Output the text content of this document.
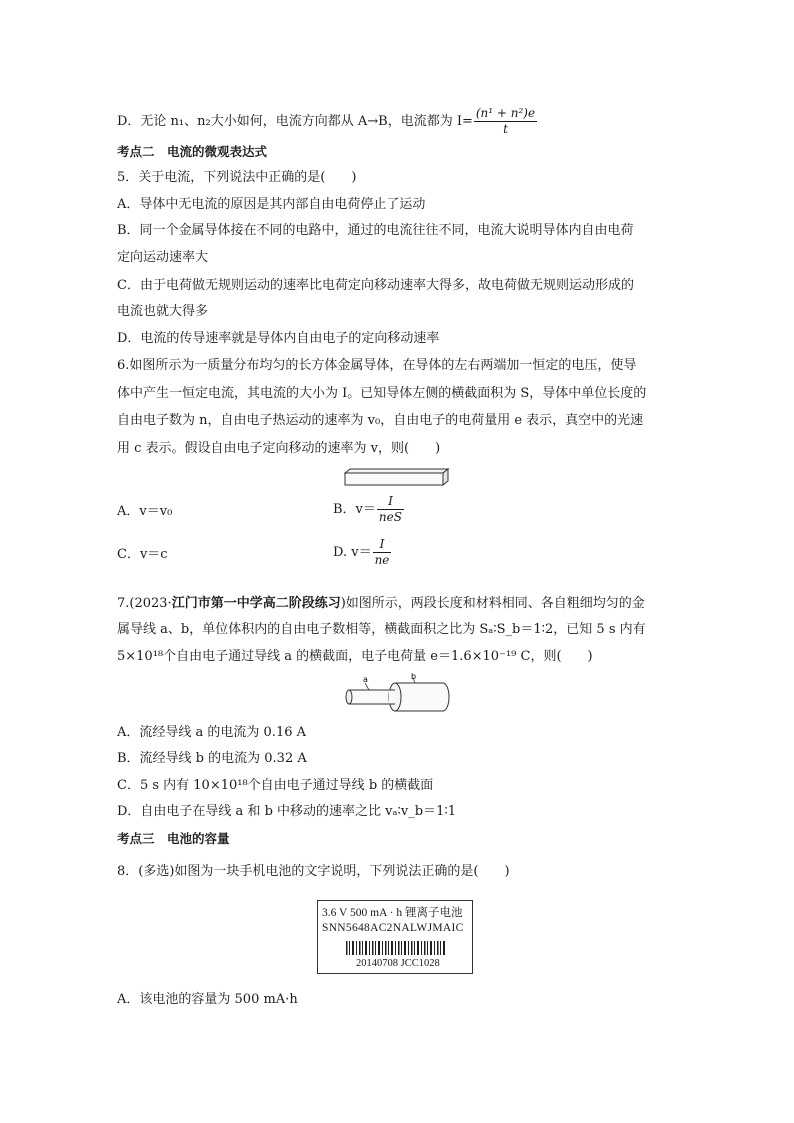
D．无论 n₁、n₂大小如何，电流方向都从 A→B，电流都为 $I= \frac{\text{(n¹ + n²)e}}{t}$
考点二　电流的微观表达式
5．关于电流，下列说法中正确的是(　　)
A．导体中无电流的原因是其内部自由电荷停止了运动
B．同一个金属导体接在不同的电路中，通过的电流往往不同，电流大说明导体内自由电荷
定向运动速率大
C．由于电荷做无规则运动的速率比电荷定向移动速率大得多，故电荷做无规则运动形成的
电流也就大得多
D．电流的传导速率就是导体内自由电子的定向移动速率
6.如图所示为一质量分布均匀的长方体金属导体，在导体的左右两端加一恒定的电压，使导
体中产生一恒定电流，其电流的大小为 I。已知导体左侧的横截面积为 S，导体中单位长度的
自由电子数为 n，自由电子热运动的速率为 v₀，自由电子的电荷量用 e 表示，真空中的光速
用 c 表示。假设自由电子定向移动的速率为 v，则(　　)
A．v＝v₀	B．$v= \frac{I}{\text{neS}}$
C．v＝c	D. $v= \frac{I}{ne}$
7.(2023·江门市第一中学高二阶段练习)如图所示，两段长度和材料相同、各自粗细均匀的金
属导线 a、b，单位体积内的自由电子数相等，横截面积之比为 Sₐ∶S_b＝1∶2，已知 5 s 内有
5×10¹⁸个自由电子通过导线 a 的横截面，电子电荷量 e＝1.6×10⁻¹⁹ C，则(　　)
a	b
A．流经导线 a 的电流为 0.16 A
B．流经导线 b 的电流为 0.32 A
C．5 s 内有 10×10¹⁸个自由电子通过导线 b 的横截面
D．自由电子在导线 a 和 b 中移动的速率之比 vₐ∶v_b＝1∶1
考点三　电池的容量
8．(多选)如图为一块手机电池的文字说明，下列说法正确的是(　　)
3.6 V 500 mA · h 锂离子电池
SNN5648AC2NALWJMAIC
20140708 JCC1028
A．该电池的容量为 500 mA·h
